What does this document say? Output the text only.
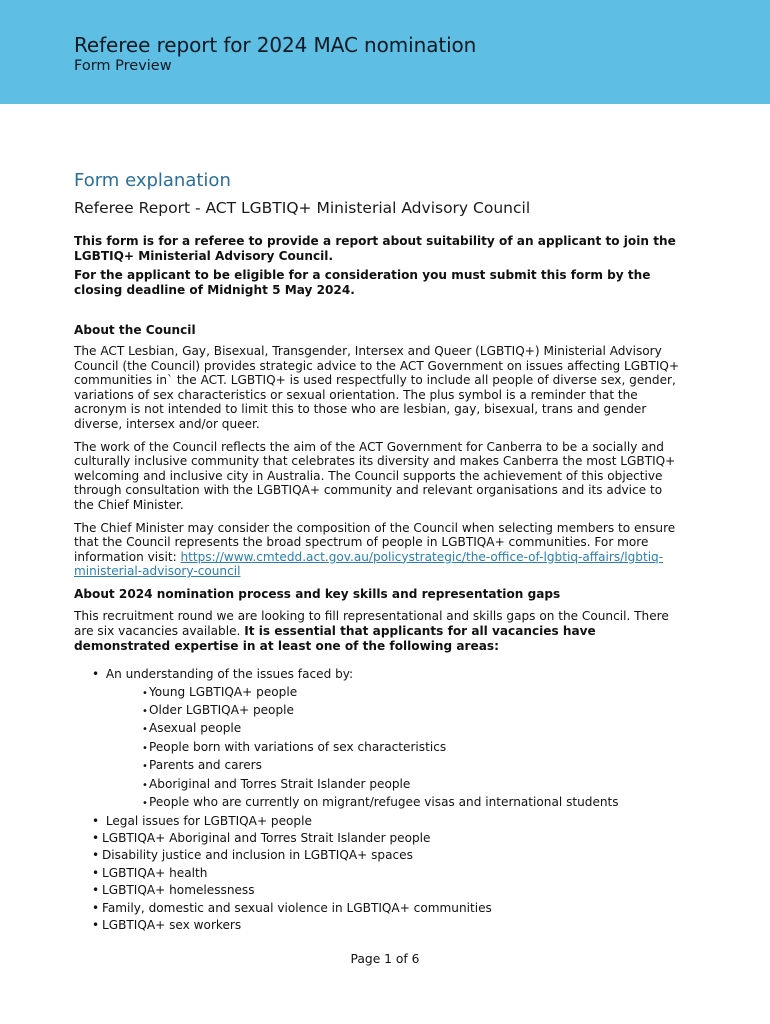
Referee report for 2024 MAC nomination
Form Preview
Form explanation
Referee Report - ACT LGBTIQ+ Ministerial Advisory Council

This form is for a referee to provide a report about suitability of an applicant to join the LGBTIQ+ Ministerial Advisory Council.

For the applicant to be eligible for a consideration you must submit this form by the closing deadline of Midnight 5 May 2024.

About the Council

The ACT Lesbian, Gay, Bisexual, Transgender, Intersex and Queer (LGBTIQ+) Ministerial Advisory Council (the Council) provides strategic advice to the ACT Government on issues affecting LGBTIQ+ communities in` the ACT. LGBTIQ+ is used respectfully to include all people of diverse sex, gender, variations of sex characteristics or sexual orientation. The plus symbol is a reminder that the acronym is not intended to limit this to those who are lesbian, gay, bisexual, trans and gender diverse, intersex and/or queer.

The work of the Council reflects the aim of the ACT Government for Canberra to be a socially and culturally inclusive community that celebrates its diversity and makes Canberra the most LGBTIQ+ welcoming and inclusive city in Australia. The Council supports the achievement of this objective through consultation with the LGBTIQA+ community and relevant organisations and its advice to the Chief Minister.

The Chief Minister may consider the composition of the Council when selecting members to ensure that the Council represents the broad spectrum of people in LGBTIQA+ communities. For more information visit: https://www.cmtedd.act.gov.au/policystrategic/the-office-of-lgbtiq-affairs/lgbtiq-ministerial-advisory-council

About 2024 nomination process and key skills and representation gaps

This recruitment round we are looking to fill representational and skills gaps on the Council. There are six vacancies available. It is essential that applicants for all vacancies have demonstrated expertise in at least one of the following areas:

• An understanding of the issues faced by:
• Young LGBTIQA+ people
• Older LGBTIQA+ people
• Asexual people
• People born with variations of sex characteristics
• Parents and carers
• Aboriginal and Torres Strait Islander people
• People who are currently on migrant/refugee visas and international students
• Legal issues for LGBTIQA+ people
• LGBTIQA+ Aboriginal and Torres Strait Islander people
• Disability justice and inclusion in LGBTIQA+ spaces
• LGBTIQA+ health
• LGBTIQA+ homelessness
• Family, domestic and sexual violence in LGBTIQA+ communities
• LGBTIQA+ sex workers
Page 1 of 6
